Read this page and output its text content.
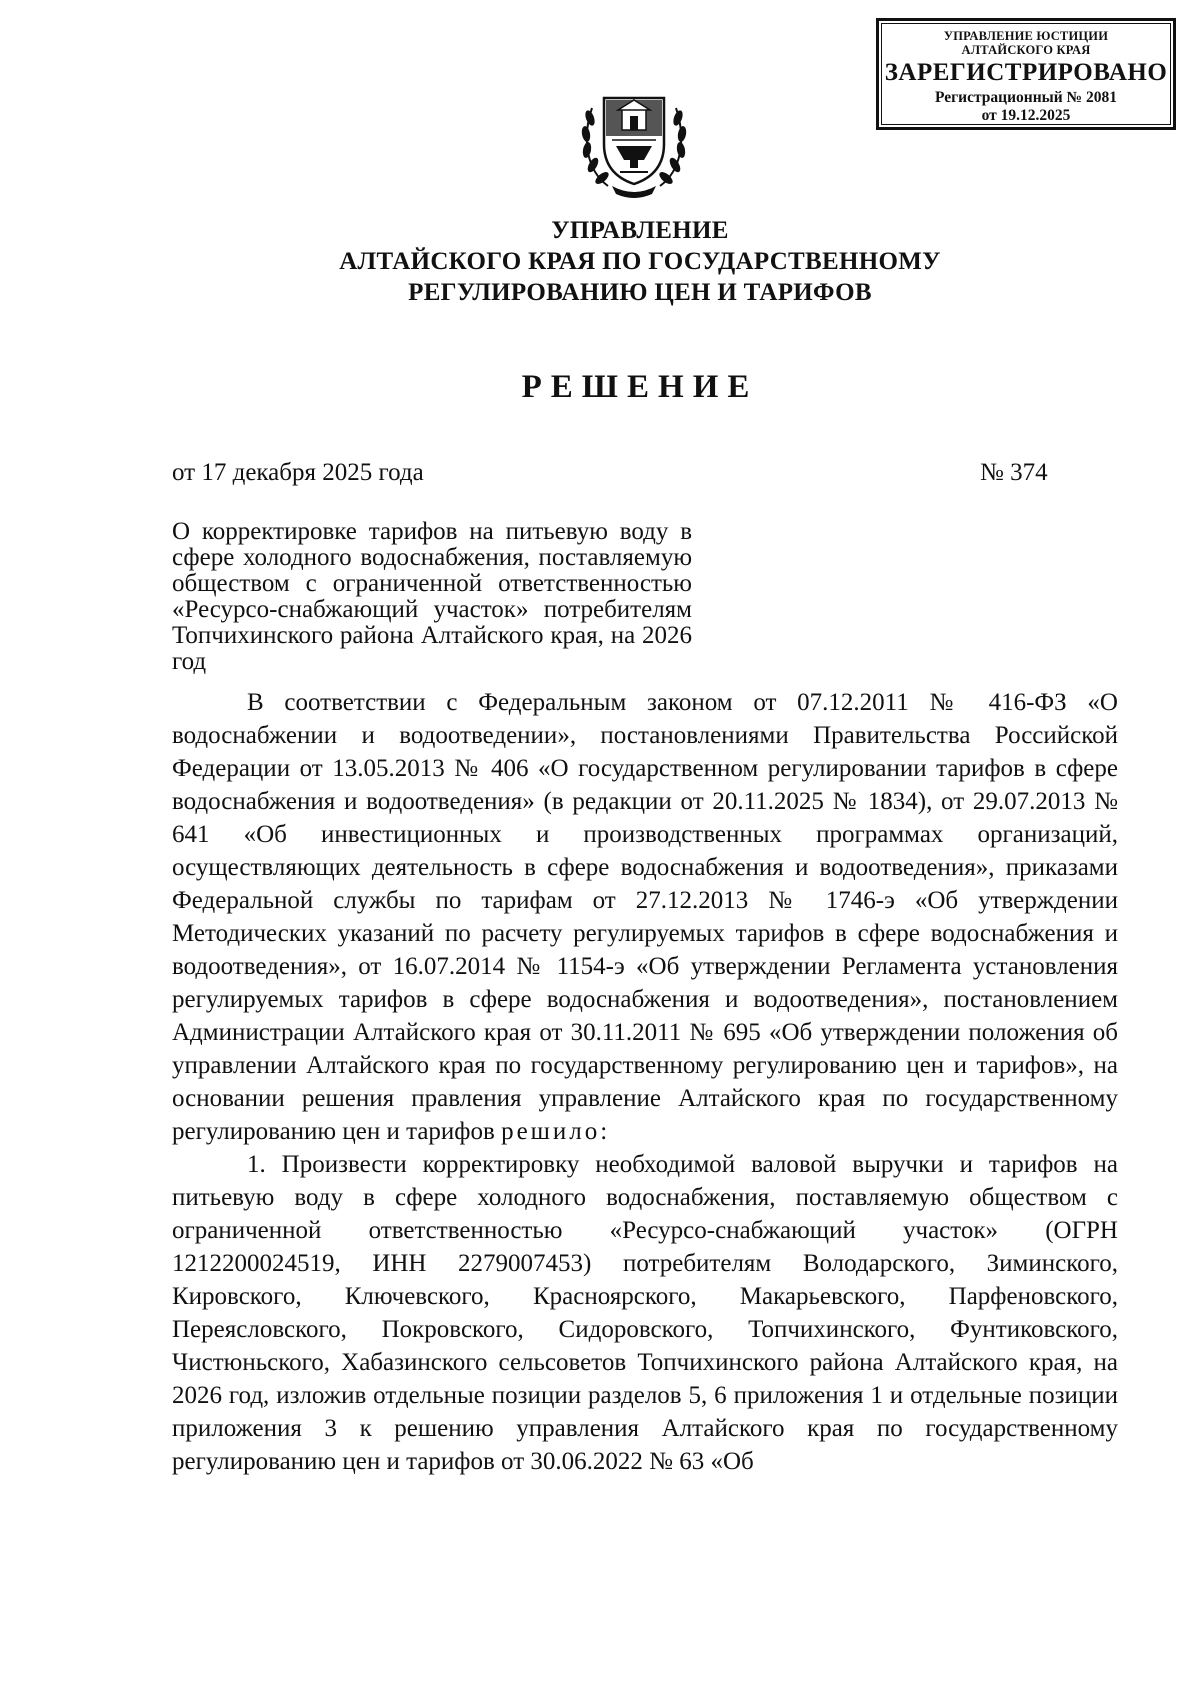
УПРАВЛЕНИЕ ЮСТИЦИИ
АЛТАЙСКОГО КРАЯ
ЗАРЕГИСТРИРОВАНО
Регистрационный № 2081
от 19.12.2025
УПРАВЛЕНИЕ
АЛТАЙСКОГО КРАЯ ПО ГОСУДАРСТВЕННОМУ
РЕГУЛИРОВАНИЮ ЦЕН И ТАРИФОВ
РЕШЕНИЕ
от 17 декабря 2025 года	№ 374
О корректировке тарифов на питьевую воду в сфере холодного водоснабжения, поставляемую обществом с ограниченной ответственностью «Ресурсо-снабжающий участок» потребителям Топчихинского района Алтайского края, на 2026 год

В соответствии с Федеральным законом от 07.12.2011 № 416-ФЗ «О водоснабжении и водоотведении», постановлениями Правительства Российской Федерации от 13.05.2013 № 406 «О государственном регулировании тарифов в сфере водоснабжения и водоотведения» (в редакции от 20.11.2025 № 1834), от 29.07.2013 № 641 «Об инвестиционных и производственных программах организаций, осуществляющих деятельность в сфере водоснабжения и водоотведения», приказами Федеральной службы по тарифам от 27.12.2013 № 1746-э «Об утверждении Методических указаний по расчету регулируемых тарифов в сфере водоснабжения и водоотведения», от 16.07.2014 № 1154-э «Об утверждении Регламента установления регулируемых тарифов в сфере водоснабжения и водоотведения», постановлением Администрации Алтайского края от 30.11.2011 № 695 «Об утверждении положения об управлении Алтайского края по государственному регулированию цен и тарифов», на основании решения правления управление Алтайского края по государственному регулированию цен и тарифов решило:

1. Произвести корректировку необходимой валовой выручки и тарифов на питьевую воду в сфере холодного водоснабжения, поставляемую обществом с ограниченной ответственностью «Ресурсо-снабжающий участок» (ОГРН 1212200024519, ИНН 2279007453) потребителям Володарского, Зиминского, Кировского, Ключевского, Красноярского, Макарьевского, Парфеновского, Переясловского, Покровского, Сидоровского, Топчихинского, Фунтиковского, Чистюньского, Хабазинского сельсоветов Топчихинского района Алтайского края, на 2026 год, изложив отдельные позиции разделов 5, 6 приложения 1 и отдельные позиции приложения 3 к решению управления Алтайского края по государственному регулированию цен и тарифов от 30.06.2022 № 63 «Об
